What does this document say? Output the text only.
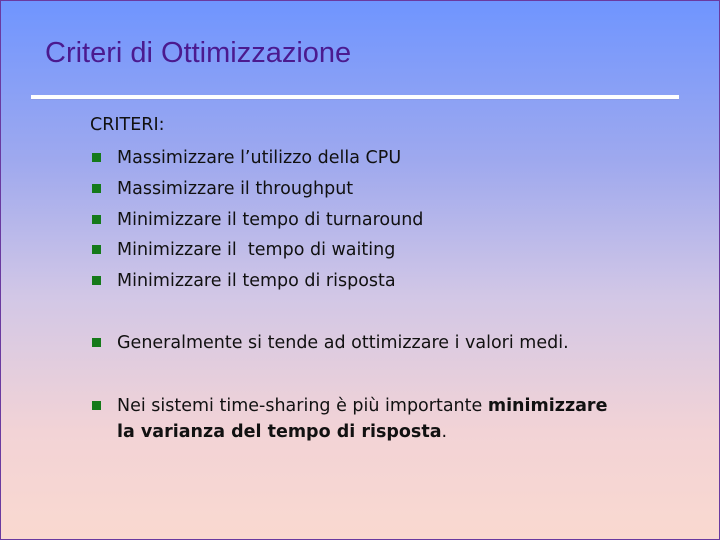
Criteri di Ottimizzazione

CRITERI:

Massimizzare l’utilizzo della CPU
Massimizzare il throughput
Minimizzare il tempo di turnaround
Minimizzare il  tempo di waiting
Minimizzare il tempo di risposta
Generalmente si tende ad ottimizzare i valori medi.
Nei sistemi time-sharing è più importante minimizzare
la varianza del tempo di risposta.
